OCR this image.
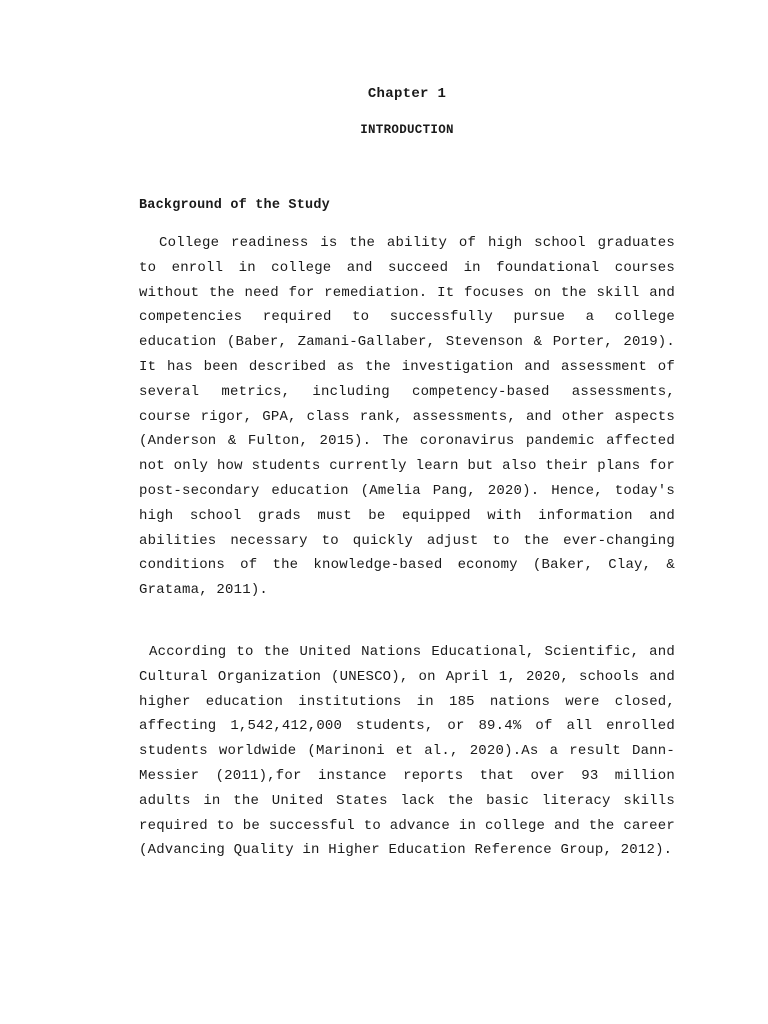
Chapter 1
INTRODUCTION
Background of the Study

College readiness is the ability of high school graduates to enroll in college and succeed in foundational courses without the need for remediation. It focuses on the skill and competencies required to successfully pursue a college education (Baber, Zamani-Gallaber, Stevenson & Porter, 2019). It has been described as the investigation and assessment of several metrics, including competency-based assessments, course rigor, GPA, class rank, assessments, and other aspects (Anderson & Fulton, 2015). The coronavirus pandemic affected not only how students currently learn but also their plans for post-secondary education (Amelia Pang, 2020). Hence, today's high school grads must be equipped with information and abilities necessary to quickly adjust to the ever-changing conditions of the knowledge-based economy (Baker, Clay, & Gratama, 2011).

According to the United Nations Educational, Scientific, and Cultural Organization (UNESCO), on April 1, 2020, schools and higher education institutions in 185 nations were closed, affecting 1,542,412,000 students, or 89.4% of all enrolled students worldwide (Marinoni et al., 2020).As a result Dann-Messier (2011),for instance reports that over 93 million adults in the United States lack the basic literacy skills required to be successful to advance in college and the career (Advancing Quality in Higher Education Reference Group, 2012).
